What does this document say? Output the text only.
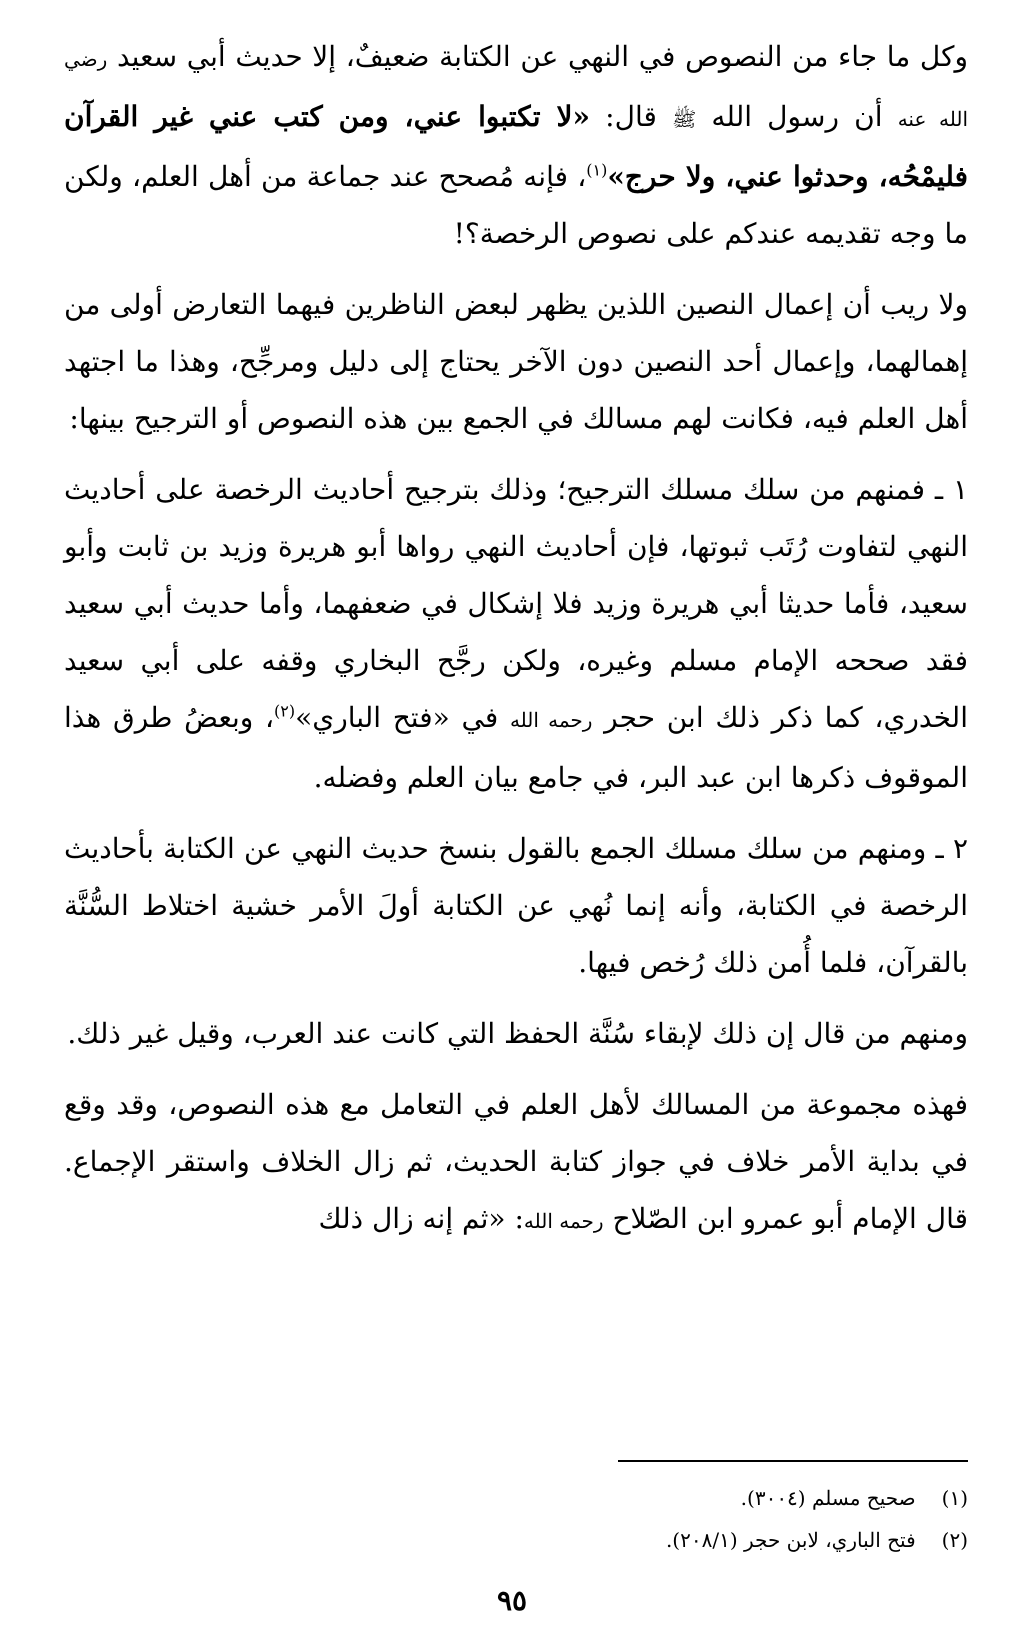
وكل ما جاء من النصوص في النهي عن الكتابة ضعيفٌ، إلا حديث أبي سعيد رضي الله عنه أن رسول الله ﷺ قال: «لا تكتبوا عني، ومن كتب عني غير القرآن فليمْحُه، وحدثوا عني، ولا حرج»$^{(١)}$، فإنه مُصحح عند جماعة من أهل العلم، ولكن ما وجه تقديمه عندكم على نصوص الرخصة؟!

ولا ريب أن إعمال النصين اللذين يظهر لبعض الناظرين فيهما التعارض أولى من إهمالهما، وإعمال أحد النصين دون الآخر يحتاج إلى دليل ومرجِّح، وهذا ما اجتهد أهل العلم فيه، فكانت لهم مسالك في الجمع بين هذه النصوص أو الترجيح بينها:

١ ـ فمنهم من سلك مسلك الترجيح؛ وذلك بترجيح أحاديث الرخصة على أحاديث النهي لتفاوت رُتَب ثبوتها، فإن أحاديث النهي رواها أبو هريرة وزيد بن ثابت وأبو سعيد، فأما حديثا أبي هريرة وزيد فلا إشكال في ضعفهما، وأما حديث أبي سعيد فقد صححه الإمام مسلم وغيره، ولكن رجَّح البخاري وقفه على أبي سعيد الخدري، كما ذكر ذلك ابن حجر رحمه الله في «فتح الباري»$^{(٢)}$، وبعضُ طرق هذا الموقوف ذكرها ابن عبد البر، في جامع بيان العلم وفضله.

٢ ـ ومنهم من سلك مسلك الجمع بالقول بنسخ حديث النهي عن الكتابة بأحاديث الرخصة في الكتابة، وأنه إنما نُهي عن الكتابة أولَ الأمر خشية اختلاط السُّنَّة بالقرآن، فلما أُمن ذلك رُخص فيها.

ومنهم من قال إن ذلك لإبقاء سُنَّة الحفظ التي كانت عند العرب، وقيل غير ذلك.

فهذه مجموعة من المسالك لأهل العلم في التعامل مع هذه النصوص، وقد وقع في بداية الأمر خلاف في جواز كتابة الحديث، ثم زال الخلاف واستقر الإجماع. قال الإمام أبو عمرو ابن الصّلاح رحمه الله: «ثم إنه زال ذلك

(١) صحيح مسلم (٣٠٠٤).

(٢) فتح الباري، لابن حجر (٢٠٨/١).

٩٥
